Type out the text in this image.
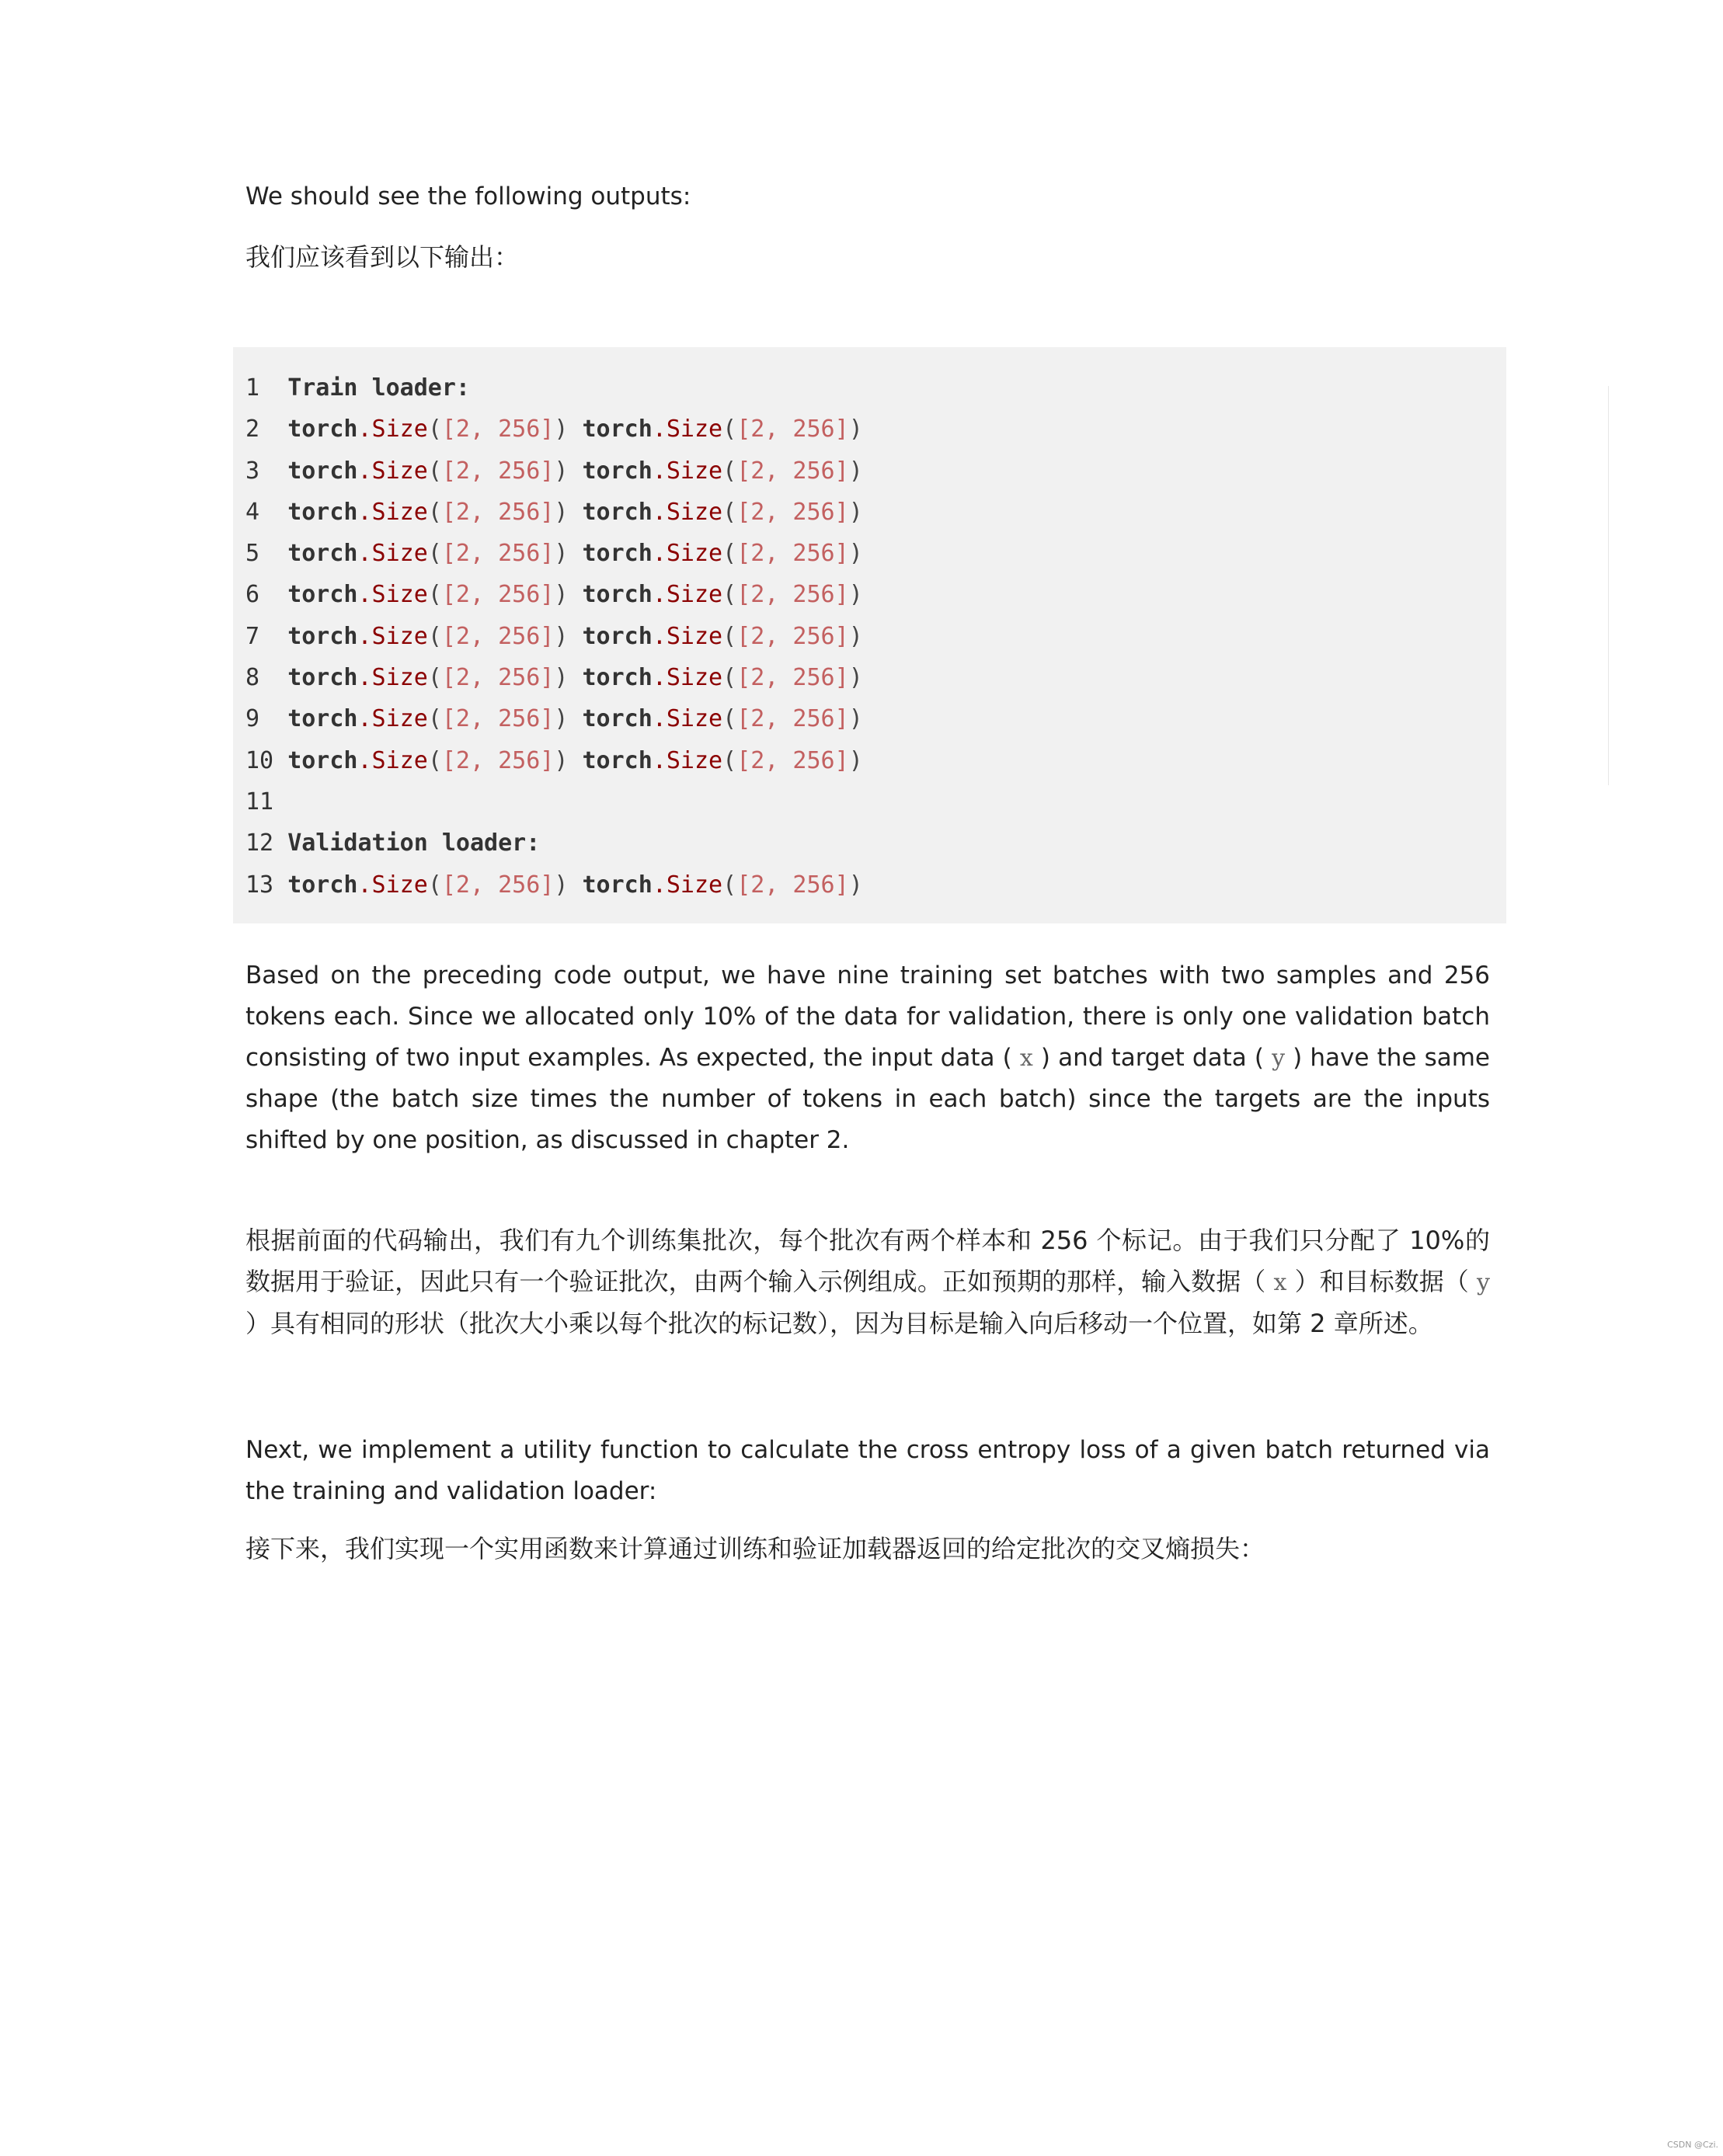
We should see the following outputs:

我们应该看到以下输出：

1  Train loader:
2  torch.Size([2, 256]) torch.Size([2, 256])
3  torch.Size([2, 256]) torch.Size([2, 256])
4  torch.Size([2, 256]) torch.Size([2, 256])
5  torch.Size([2, 256]) torch.Size([2, 256])
6  torch.Size([2, 256]) torch.Size([2, 256])
7  torch.Size([2, 256]) torch.Size([2, 256])
8  torch.Size([2, 256]) torch.Size([2, 256])
9  torch.Size([2, 256]) torch.Size([2, 256])
10 torch.Size([2, 256]) torch.Size([2, 256])
11
12 Validation loader:
13 torch.Size([2, 256]) torch.Size([2, 256])

Based on the preceding code output, we have nine training set batches with two samples and 256 tokens each. Since we allocated only 10% of the data for validation, there is only one validation batch consisting of two input examples. As expected, the input data ( x ) and target data ( y ) have the same shape (the batch size times the number of tokens in each batch) since the targets are the inputs shifted by one position, as discussed in chapter 2.

根据前面的代码输出，我们有九个训练集批次，每个批次有两个样本和 256 个标记。由于我们只分配了 10%的数据用于验证，因此只有一个验证批次，由两个输入示例组成。正如预期的那样，输入数据（ x ）和目标数据（ y ）具有相同的形状（批次大小乘以每个批次的标记数），因为目标是输入向后移动一个位置，如第 2 章所述。

Next, we implement a utility function to calculate the cross entropy loss of a given batch returned via the training and validation loader:

接下来，我们实现一个实用函数来计算通过训练和验证加载器返回的给定批次的交叉熵损失：

CSDN @Czi.
